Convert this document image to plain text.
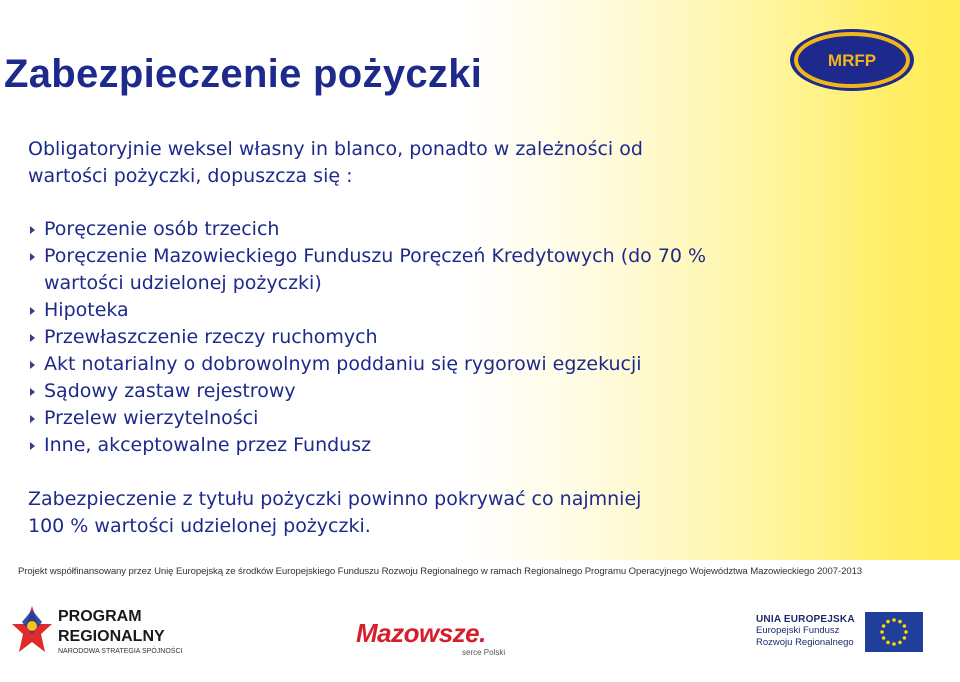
Zabezpieczenie pożyczki
Obligatoryjnie weksel własny in blanco, ponadto w zależności od
wartości pożyczki, dopuszcza się :
Poręczenie osób trzecich
Poręczenie Mazowieckiego Funduszu Poręczeń Kredytowych (do 70 % wartości udzielonej pożyczki)
Hipoteka
Przewłaszczenie rzeczy ruchomych
Akt notarialny o dobrowolnym poddaniu się rygorowi egzekucji
Sądowy zastaw rejestrowy
Przelew wierzytelności
Inne, akceptowalne przez Fundusz
Zabezpieczenie z tytułu pożyczki powinno pokrywać co najmniej
100 % wartości udzielonej pożyczki.
MRFP
Projekt współfinansowany przez Unię Europejską ze środków Europejskiego Funduszu Rozwoju Regionalnego w ramach Regionalnego Programu Operacyjnego Województwa Mazowieckiego 2007-2013
PROGRAM
REGIONALNY
NARODOWA STRATEGIA SPÓJNOŚCI
Mazowsze.
serce Polski
UNIA EUROPEJSKA
Europejski Fundusz
Rozwoju Regionalnego
